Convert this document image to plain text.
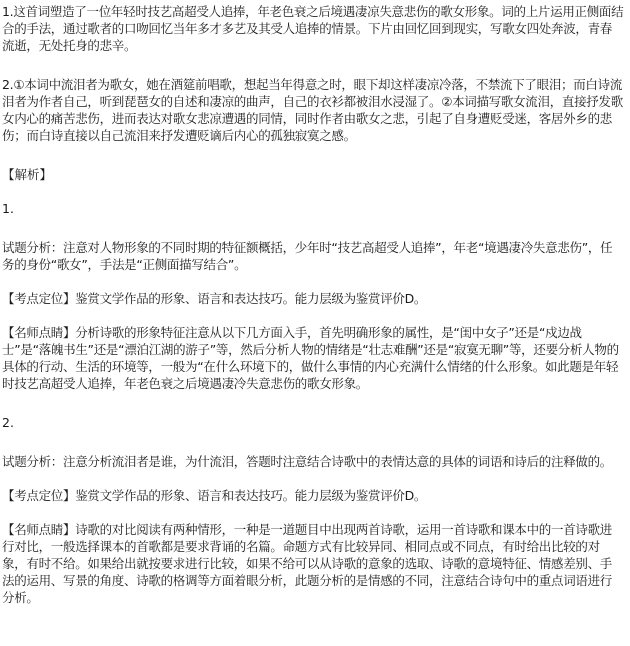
1.这首词塑造了一位年轻时技艺高超受人追捧，年老色衰之后境遇凄凉失意悲伤的歌女形象。词的上片运用正侧面结合的手法，通过歌者的口吻回忆当年多才多艺及其受人追捧的情景。下片由回忆回到现实，写歌女四处奔波，青春流逝，无处托身的悲辛。

2.①本词中流泪者为歌女，她在酒筵前唱歌，想起当年得意之时，眼下却这样凄凉冷落，不禁流下了眼泪；而白诗流泪者为作者自己，听到琵琶女的自述和凄凉的曲声，自己的衣衫都被泪水浸湿了。②本词描写歌女流泪，直接抒发歌女内心的痛苦悲伤，进而表达对歌女悲凉遭遇的同情，同时作者由歌女之悲，引起了自身遭贬受迷，客居外乡的悲伤；而白诗直接以自己流泪来抒发遭贬谪后内心的孤独寂寞之感。

【解析】

1.

试题分析：注意对人物形象的不同时期的特征额概括，少年时“技艺高超受人追捧”，年老“境遇凄冷失意悲伤”，任务的身份“歌女”，手法是“正侧面描写结合”。

【考点定位】鉴赏文学作品的形象、语言和表达技巧。能力层级为鉴赏评价D。

【名师点睛】分析诗歌的形象特征注意从以下几方面入手，首先明确形象的属性，是“闺中女子”还是“戍边战士”是“落魄书生”还是“漂泊江湖的游子”等，然后分析人物的情绪是“壮志难酬”还是“寂寞无聊”等，还要分析人物的具体的行动、生活的环境等，一般为“在什么环境下的，做什么事情的内心充满什么情绪的什么形象。如此题是年轻时技艺高超受人追捧，年老色衰之后境遇凄冷失意悲伤的歌女形象。

2.

试题分析：注意分析流泪者是谁，为什流泪，答题时注意结合诗歌中的表情达意的具体的词语和诗后的注释做的。

【考点定位】鉴赏文学作品的形象、语言和表达技巧。能力层级为鉴赏评价D。

【名师点睛】诗歌的对比阅读有两种情形，一种是一道题目中出现两首诗歌，运用一首诗歌和课本中的一首诗歌进行对比，一般选择课本的首歌都是要求背诵的名篇。命题方式有比较异同、相同点或不同点，有时给出比较的对象，有时不给。如果给出就按要求进行比较，如果不给可以从诗歌的意象的选取、诗歌的意境特征、情感差别、手法的运用、写景的角度、诗歌的格调等方面着眼分析，此题分析的是情感的不同，注意结合诗句中的重点词语进行分析。
